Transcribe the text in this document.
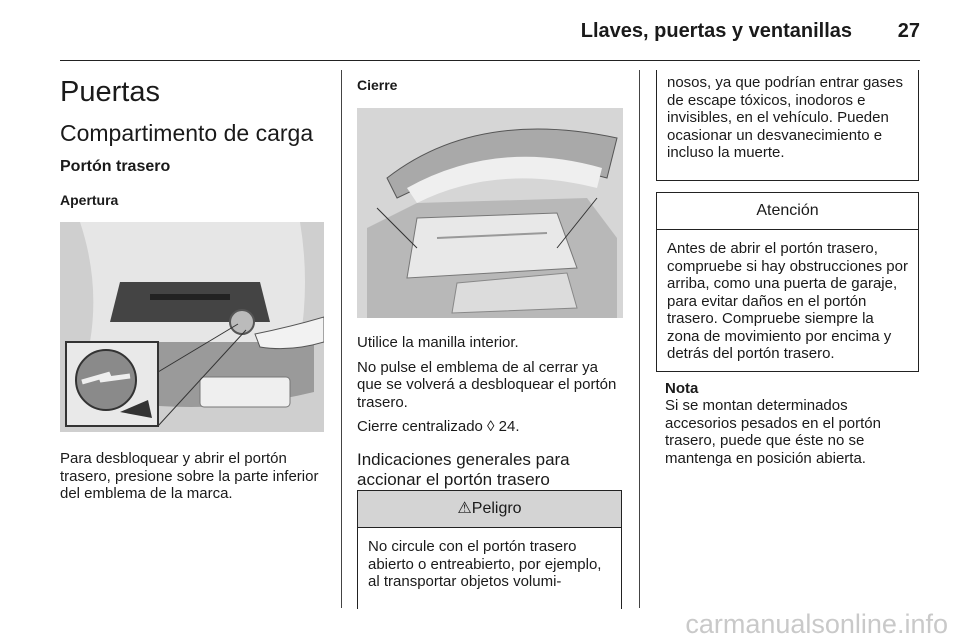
Llaves, puertas y ventanillas 27
Puertas
Compartimento de carga
Portón trasero
Apertura

Para desbloquear y abrir el portón trasero, presione sobre la parte inferior del emblema de la marca.

Cierre

Utilice la manilla interior.

No pulse el emblema de al cerrar ya que se volverá a desbloquear el portón trasero.

Cierre centralizado ◊ 24.

Indicaciones generales para accionar el portón trasero
⚠Peligro
No circule con el portón trasero abierto o entreabierto, por ejemplo, al transportar objetos volumi-
nosos, ya que podrían entrar gases de escape tóxicos, inodoros e invisibles, en el vehículo. Pueden ocasionar un desvanecimiento e incluso la muerte.
Atención
Antes de abrir el portón trasero, compruebe si hay obstrucciones por arriba, como una puerta de garaje, para evitar daños en el portón trasero. Compruebe siempre la zona de movimiento por encima y detrás del portón trasero.
Nota

Si se montan determinados accesorios pesados en el portón trasero, puede que éste no se mantenga en posición abierta.

carmanualsonline.info
